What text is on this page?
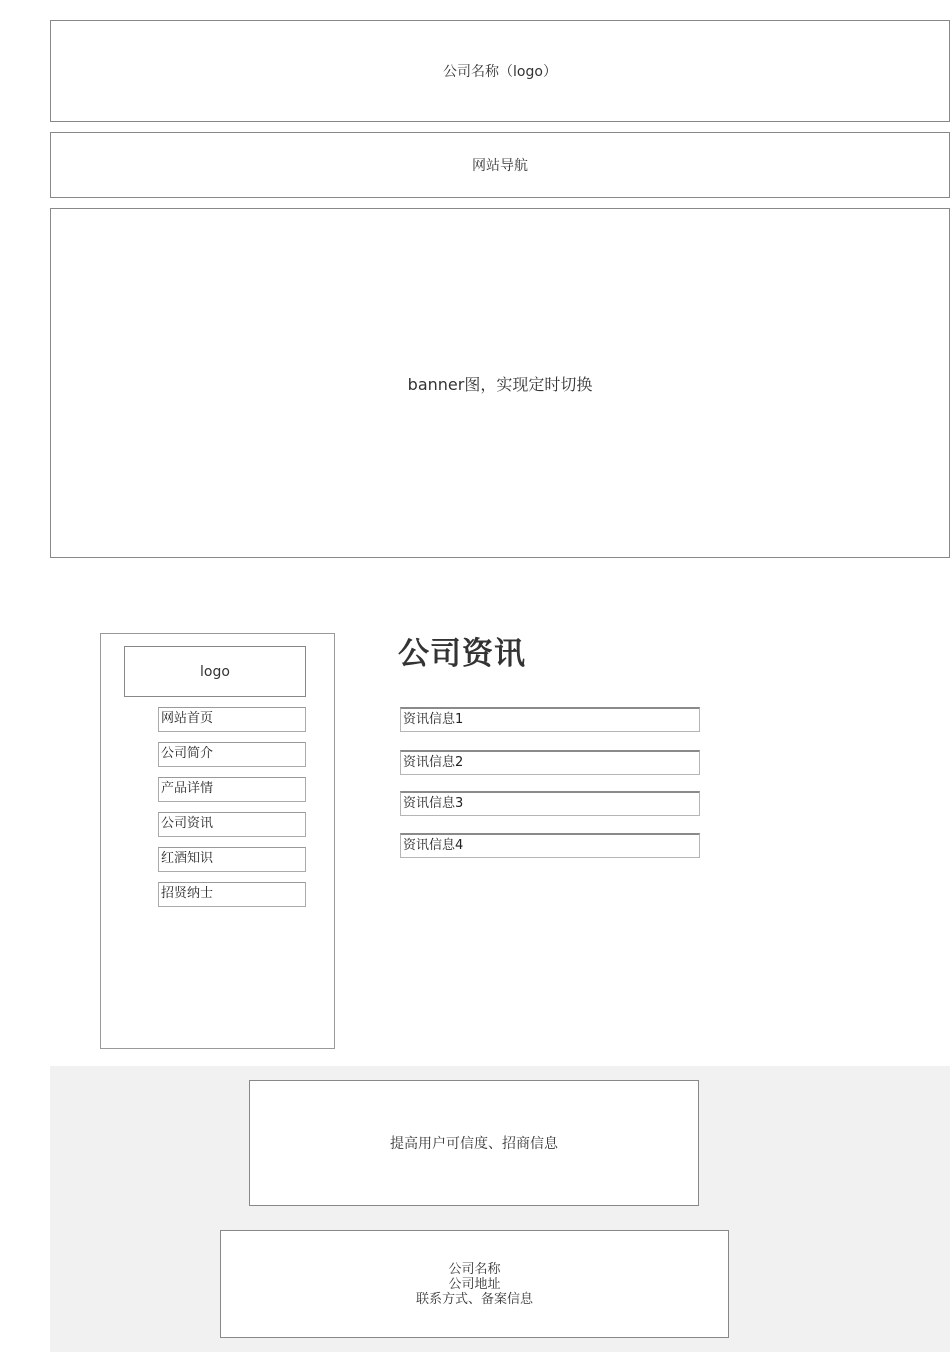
公司名称（logo）
网站导航
banner图，实现定时切换
logo
网站首页
公司简介
产品详情
公司资讯
红酒知识
招贤纳士
公司资讯
资讯信息1
资讯信息2
资讯信息3
资讯信息4
提高用户可信度、招商信息
公司名称
公司地址
联系方式、备案信息
